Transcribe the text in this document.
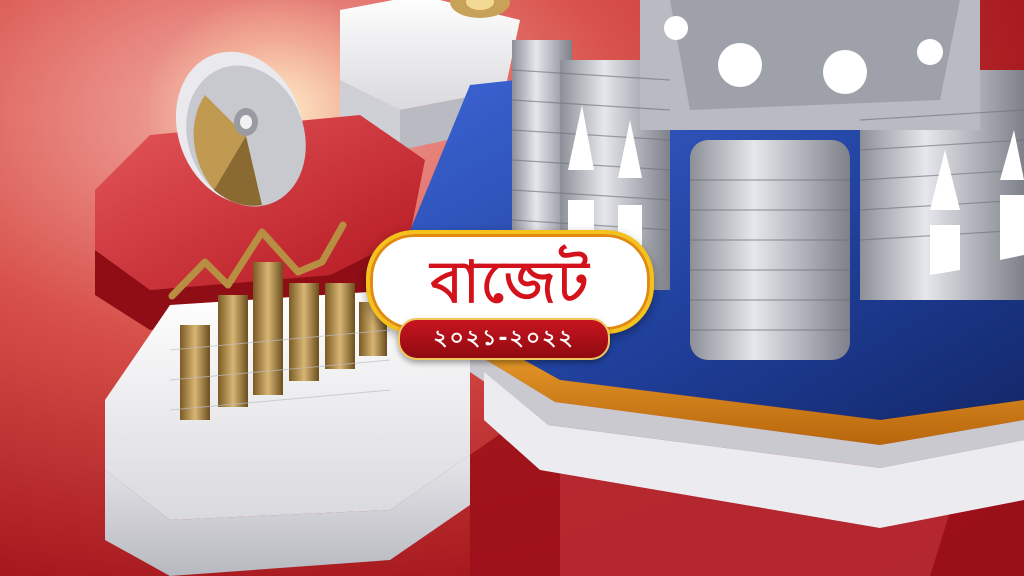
বাজেট
২০২১-২০২২
